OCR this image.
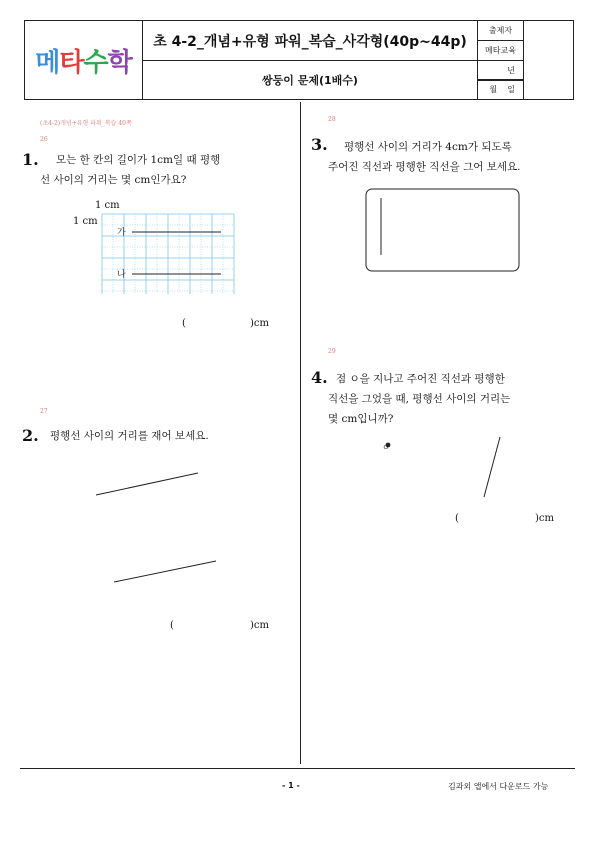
메타수학
초 4-2_개념+유형 파워_복습_사각형(40p~44p)
쌍둥이 문제(1배수)
출제자
메타교육
년
월    일
(초4-2)개념+유형 파워_복습 40쪽
26
1. 모는 한 칸의 길이가 1cm일 때 평행
선 사이의 거리는 몇 cm인가요?
1 cm
1 cm
가
나
(	)cm
27
2. 평행선 사이의 거리를 재어 보세요.
(	)cm
28
3. 평행선 사이의 거리가 4cm가 되도록
주어진 직선과 평행한 직선을 그어 보세요.
29
4. 점 ㅇ을 지나고 주어진 직선과 평행한
직선을 그었을 때, 평행선 사이의 거리는
몇 cm입니까?
ㅇ
(	)cm
- 1 -	김과외 앱에서 다운로드 가능
